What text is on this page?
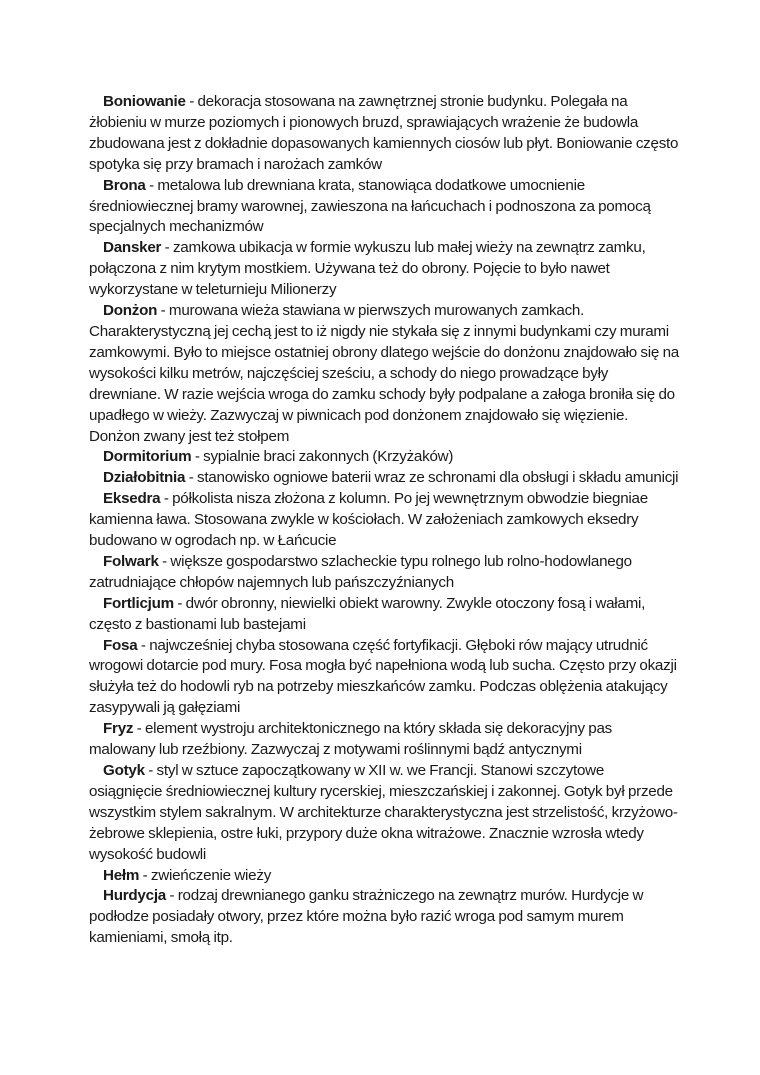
Boniowanie - dekoracja stosowana na zawnętrznej stronie budynku. Polegała na żłobieniu w murze poziomych i pionowych bruzd, sprawiających wrażenie że budowla zbudowana jest z dokładnie dopasowanych kamiennych ciosów lub płyt. Boniowanie często spotyka się przy bramach i narożach zamków

Brona - metalowa lub drewniana krata, stanowiąca dodatkowe umocnienie średniowiecznej bramy warownej, zawieszona na łańcuchach i podnoszona za pomocą specjalnych mechanizmów

Dansker - zamkowa ubikacja w formie wykuszu lub małej wieży na zewnątrz zamku, połączona z nim krytym mostkiem. Używana też do obrony. Pojęcie to było nawet wykorzystane w teleturnieju Milionerzy

Donżon - murowana wieża stawiana w pierwszych murowanych zamkach. Charakterystyczną jej cechą jest to iż nigdy nie stykała się z innymi budynkami czy murami zamkowymi. Było to miejsce ostatniej obrony dlatego wejście do donżonu znajdowało się na wysokości kilku metrów, najczęściej sześciu, a schody do niego prowadzące były drewniane. W razie wejścia wroga do zamku schody były podpalane a załoga broniła się do upadłego w wieży. Zazwyczaj w piwnicach pod donżonem znajdowało się więzienie. Donżon zwany jest też stołpem

Dormitorium - sypialnie braci zakonnych (Krzyżaków)

Działobitnia - stanowisko ogniowe baterii wraz ze schronami dla obsługi i składu amunicji

Eksedra - półkolista nisza złożona z kolumn. Po jej wewnętrznym obwodzie biegniae kamienna ława. Stosowana zwykle w kościołach. W założeniach zamkowych eksedry budowano w ogrodach np. w Łańcucie

Folwark - większe gospodarstwo szlacheckie typu rolnego lub rolno-hodowlanego zatrudniające chłopów najemnych lub pańszczyźnianych

Fortlicjum - dwór obronny, niewielki obiekt warowny. Zwykle otoczony fosą i wałami, często z bastionami lub bastejami

Fosa - najwcześniej chyba stosowana część fortyfikacji. Głęboki rów mający utrudnić wrogowi dotarcie pod mury. Fosa mogła być napełniona wodą lub sucha. Często przy okazji służyła też do hodowli ryb na potrzeby mieszkańców zamku. Podczas oblężenia atakujący zasypywali ją gałęziami

Fryz - element wystroju architektonicznego na który składa się dekoracyjny pas malowany lub rzeźbiony. Zazwyczaj z motywami roślinnymi bądź antycznymi

Gotyk - styl w sztuce zapoczątkowany w XII w. we Francji. Stanowi szczytowe osiągnięcie średniowiecznej kultury rycerskiej, mieszczańskiej i zakonnej. Gotyk był przede wszystkim stylem sakralnym. W architekturze charakterystyczna jest strzelistość, krzyżowo-żebrowe sklepienia, ostre łuki, przypory duże okna witrażowe. Znacznie wzrosła wtedy wysokość budowli

Hełm - zwieńczenie wieży

Hurdycja - rodzaj drewnianego ganku strażniczego na zewnątrz murów. Hurdycje w podłodze posiadały otwory, przez które można było razić wroga pod samym murem kamieniami, smołą itp.
